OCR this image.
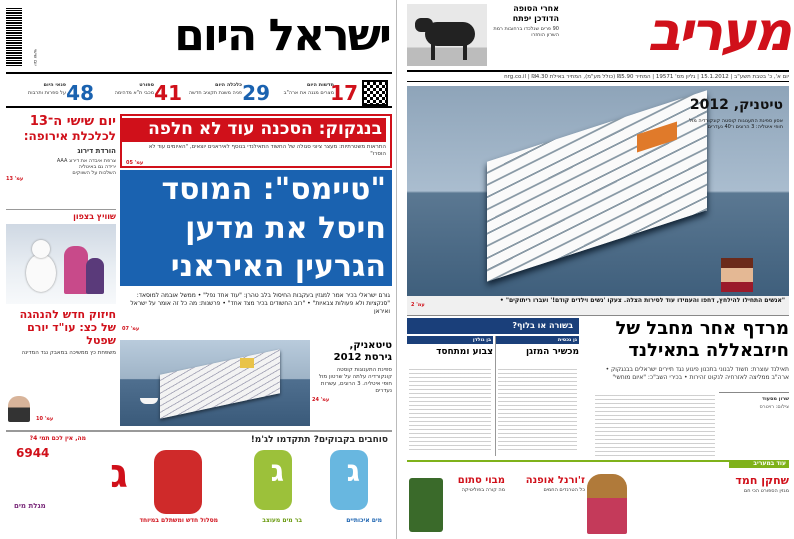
יום שישי	ישראל היום
17
חדשות היום
מצרים מגנה את ארה"ב
29
כלכלה היום
פניה משנת תקציב חדשה
41
ספורט
מכבי ת"א מדהימה
48
פנאי היום
על ספרות ותרבות
בנגקוק: הסכנה עוד לא חלפה
התראות משטרתיות: מעצר ציוני סגולה של החשוד התאילנדי בנוסף לאיראנים יוצאים, "האיומים עוד לא הוסרו"
עמ' 05
"טיימס": המוסד
חיסל את מדען
הגרעין האיראני
גורם ישראלי בכיר אמר למגזין בעקבות החיסול בלב טהרן: "עוד אחד נפל" • ממשל אובמה למוסאד: "סנקציות ולא פעולות צבאיות" • "רוב החשודים בכיר מצד אחד" • פרשנות: מה כל זה אומר על ישראל ואיראן
עמ' 07
יום שישי ה־13
לכלכלת אירופה:
הורדת דירוג
צרפת איבדה את דירוג AAA
ירידה גם באיטליה
השלכות על השווקים
עמ' 13
שוויץ בצפון
טיטאניק,
גירסת 2012
ספינת התענוגות קוסטה קונקורדיה עלתה על שרטון מול חופי איטליה. 3 הרוגים, עשרות נעדרים
עמ' 24
חיזוק חדש להנהגה של כצ: עו"ד יורם שפטל
משפחת כץ ממשיכה במאבק נגד המדינה
עמ' 10
סוחבים בקבוקים? תתקדמו לג'מ!
ג
ג
ג
מים איכותיים
בר מים מעוצב
מסלול חדש ומשתלם במיוחד
מה, אין לכם תמי 4?
6944
מגלת מים
אחרי הסופה הדודכן יפתח
90 פרים שנלכדו ברחובות רמת השרון הוחזרו	מעריב
יום א', כ' בטבת תשע"ב | 15.1.2012 | גליון מס' 19571 | המחיר ₪5.90 (כולל מע"מ), המחיר באילת ₪4.30 | nrg.co.il
טיטניק, 2012
אסון ספינת התענוגות קוסטה קונקורדיה מול חופי איטליה: 3 הרוגים ו־40 נעדרים
"אנשים התחילו להילחץ, דחפו והעמידו עוד לסירות הצלה. צעקו 'נשים וילדים קודם!' ועברו ריתוקים" •
עמ' 2
מרדף אחר מחבל של
חיזבאללה בתאילנד
תאילנד עוצרת: חשוד לבנוני בתכנון פיגוע נגד תיירים ישראלים בבנגקוק • ארה"ב ממליצה לאזרחיה לנקוט זהירות • בכירי השב"כ: "איום מוחשי"
שרון מסעוד
צילום: רויטרס
בשורה או בלוף?
גן נכסית
מכשיר המזגן
בן גולדן
צבוע ומתחסד
עוד במעריב
שחקן חמד
מגזין הספורט הכי חם
ז'ורנל אופנה
כל הטרנדים החמים
מבוי סתום
מה קורה בפוליטיקה
